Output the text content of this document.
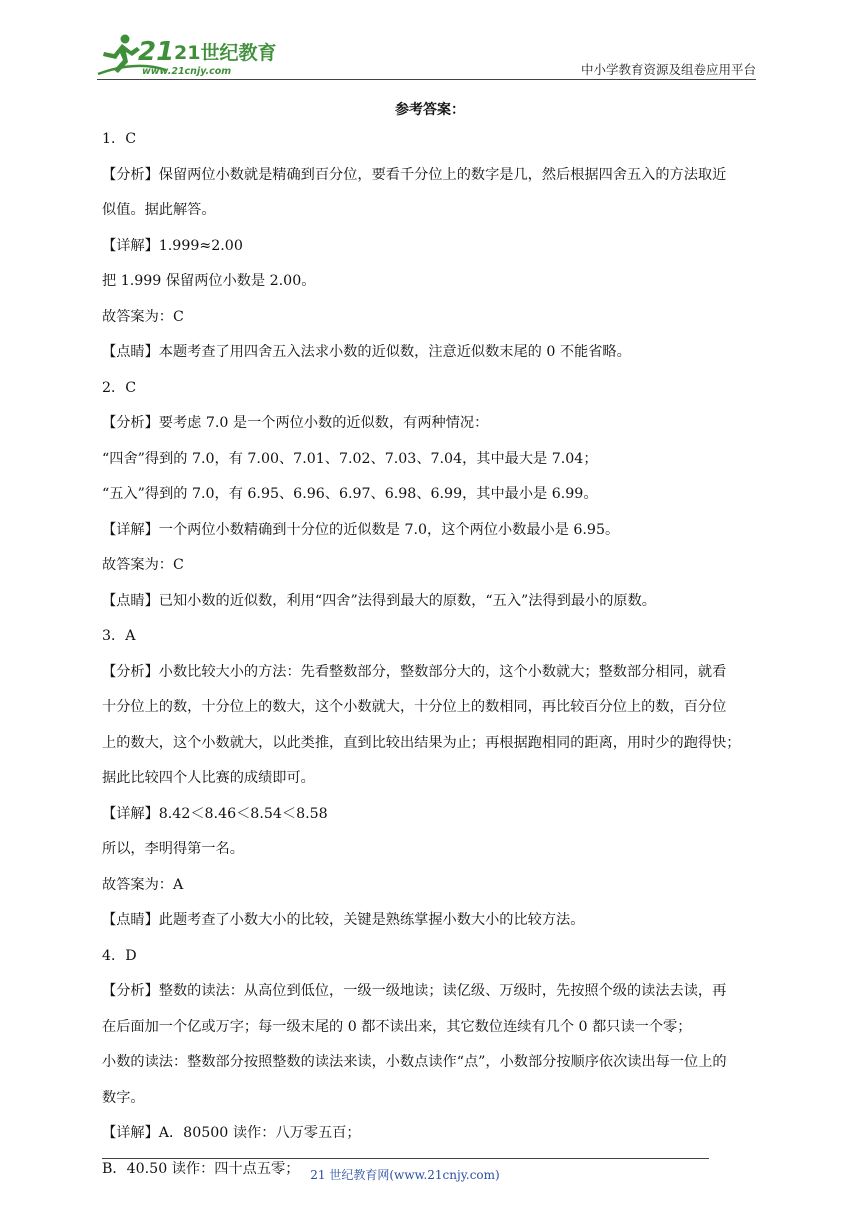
21 21世纪教育
www.21cnjy.com	中小学教育资源及组卷应用平台
参考答案：

1．C

【分析】保留两位小数就是精确到百分位，要看千分位上的数字是几，然后根据四舍五入的方法取近

似值。据此解答。

【详解】1.999≈2.00

把 1.999 保留两位小数是 2.00。

故答案为：C

【点睛】本题考查了用四舍五入法求小数的近似数，注意近似数末尾的 0 不能省略。

2．C

【分析】要考虑 7.0 是一个两位小数的近似数，有两种情况：

“四舍”得到的 7.0，有 7.00、7.01、7.02、7.03、7.04，其中最大是 7.04；

“五入”得到的 7.0，有 6.95、6.96、6.97、6.98、6.99，其中最小是 6.99。

【详解】一个两位小数精确到十分位的近似数是 7.0，这个两位小数最小是 6.95。

故答案为：C

【点睛】已知小数的近似数，利用“四舍”法得到最大的原数，“五入”法得到最小的原数。

3．A

【分析】小数比较大小的方法：先看整数部分，整数部分大的，这个小数就大；整数部分相同，就看

十分位上的数，十分位上的数大，这个小数就大，十分位上的数相同，再比较百分位上的数，百分位

上的数大，这个小数就大，以此类推，直到比较出结果为止；再根据跑相同的距离，用时少的跑得快；

据此比较四个人比赛的成绩即可。

【详解】8.42＜8.46＜8.54＜8.58

所以，李明得第一名。

故答案为：A

【点睛】此题考查了小数大小的比较，关键是熟练掌握小数大小的比较方法。

4．D

【分析】整数的读法：从高位到低位，一级一级地读；读亿级、万级时，先按照个级的读法去读，再

在后面加一个亿或万字；每一级末尾的 0 都不读出来，其它数位连续有几个 0 都只读一个零；

小数的读法：整数部分按照整数的读法来读，小数点读作“点”，小数部分按顺序依次读出每一位上的

数字。

【详解】A．80500 读作：八万零五百；

B．40.50 读作：四十点五零； 21 世纪教育网(www.21cnjy.com)
